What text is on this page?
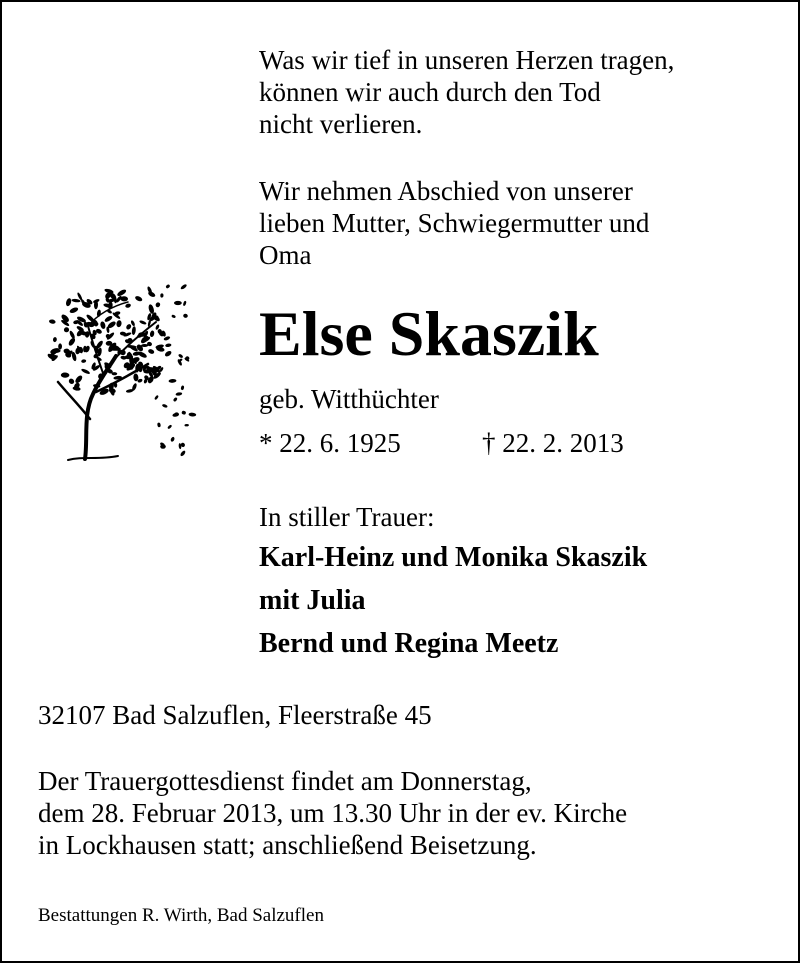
Was wir tief in unseren Herzen tragen,
können wir auch durch den Tod
nicht verlieren.
Wir nehmen Abschied von unserer
lieben Mutter, Schwiegermutter und
Oma
Else Skaszik
geb. Witthüchter
* 22. 6. 1925	† 22. 2. 2013
In stiller Trauer:
Karl-Heinz und Monika Skaszik
mit Julia
Bernd und Regina Meetz
32107 Bad Salzuflen, Fleerstraße 45
Der Trauergottesdienst findet am Donnerstag,
dem 28. Februar 2013, um 13.30 Uhr in der ev. Kirche
in Lockhausen statt; anschließend Beisetzung.
Bestattungen R. Wirth, Bad Salzuflen
